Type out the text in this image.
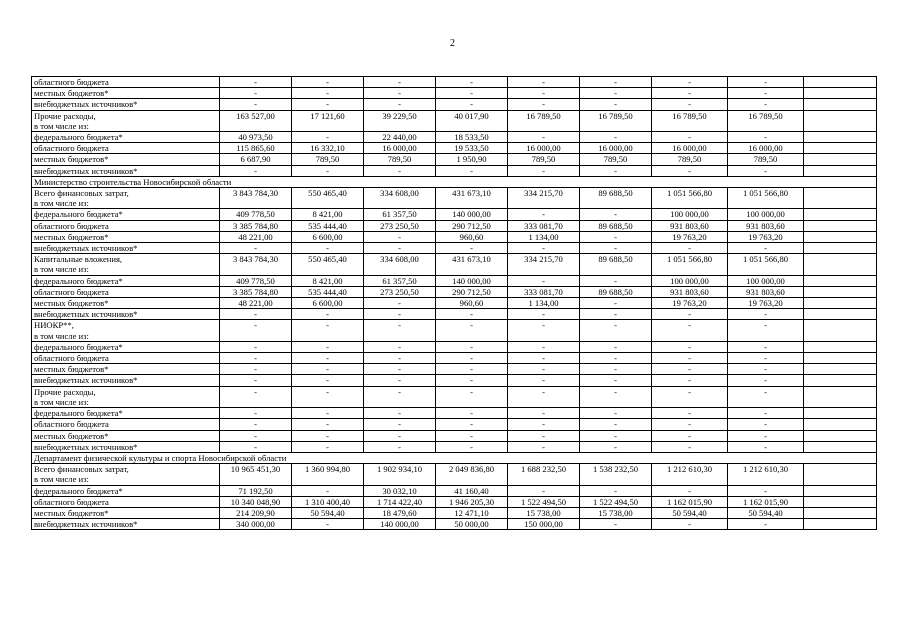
2
областного бюджета	-	-	-	-	-	-	-	-	

местных бюджетов*	-	-	-	-	-	-	-	-	

внебюджетных источников*	-	-	-	-	-	-	-	-	

Прочие расходы,
в том числе из:	163 527,00	17 121,60	39 229,50	40 017,90	16 789,50	16 789,50	16 789,50	16 789,50	

федерального бюджета*	40 973,50	-	22 440,00	18 533,50	-	-	-	-	

областного бюджета	115 865,60	16 332,10	16 000,00	19 533,50	16 000,00	16 000,00	16 000,00	16 000,00	

местных бюджетов*	6 687,90	789,50	789,50	1 950,90	789,50	789,50	789,50	789,50	

внебюджетных источников*	-	-	-	-	-	-	-	-	
Министерство строительства Новосибирской области									

Всего финансовых затрат,
в том числе из:	3 843 784,30	550 465,40	334 608,00	431 673,10	334 215,70	89 688,50	1 051 566,80	1 051 566,80	

федерального бюджета*	409 778,50	8 421,00	61 357,50	140 000,00	-	-	100 000,00	100 000,00	

областного бюджета	3 385 784,80	535 444,40	273 250,50	290 712,50	333 081,70	89 688,50	931 803,60	931 803,60	

местных бюджетов*	48 221,00	6 600,00	-	960,60	1 134,00	-	19 763,20	19 763,20	

внебюджетных источников*	-	-	-	-	-	-	-	-	

Капитальные вложения,
в том числе из:	3 843 784,30	550 465,40	334 608,00	431 673,10	334 215,70	89 688,50	1 051 566,80	1 051 566,80	

федерального бюджета*	409 778,50	8 421,00	61 357,50	140 000,00	-	-	100 000,00	100 000,00	

областного бюджета	3 385 784,80	535 444,40	273 250,50	290 712,50	333 081,70	89 688,50	931 803,60	931 803,60	

местных бюджетов*	48 221,00	6 600,00	-	960,60	1 134,00	-	19 763,20	19 763,20	

внебюджетных источников*	-	-	-	-	-	-	-	-	

НИОКР**,
в том числе из:	-	-	-	-	-	-	-	-	

федерального бюджета*	-	-	-	-	-	-	-	-	

областного бюджета	-	-	-	-	-	-	-	-	

местных бюджетов*	-	-	-	-	-	-	-	-	

внебюджетных источников*	-	-	-	-	-	-	-	-	

Прочие расходы,
в том числе из:	-	-	-	-	-	-	-	-	

федерального бюджета*	-	-	-	-	-	-	-	-	

областного бюджета	-	-	-	-	-	-	-	-	

местных бюджетов*	-	-	-	-	-	-	-	-	

внебюджетных источников*	-	-	-	-	-	-	-	-	
Департамент физической культуры и спорта Новосибирской области									

Всего финансовых затрат,
в том числе из:	10 965 451,30	1 360 994,80	1 902 934,10	2 049 836,80	1 688 232,50	1 538 232,50	1 212 610,30	1 212 610,30	

федерального бюджета*	71 192,50	-	30 032,10	41 160,40	-	-	-	-	

областного бюджета	10 340 048,90	1 310 400,40	1 714 422,40	1 946 205,30	1 522 494,50	1 522 494,50	1 162 015,90	1 162 015,90	

местных бюджетов*	214 209,90	50 594,40	18 479,60	12 471,10	15 738,00	15 738,00	50 594,40	50 594,40	

внебюджетных источников*	340 000,00	-	140 000,00	50 000,00	150 000,00	-	-	-	
